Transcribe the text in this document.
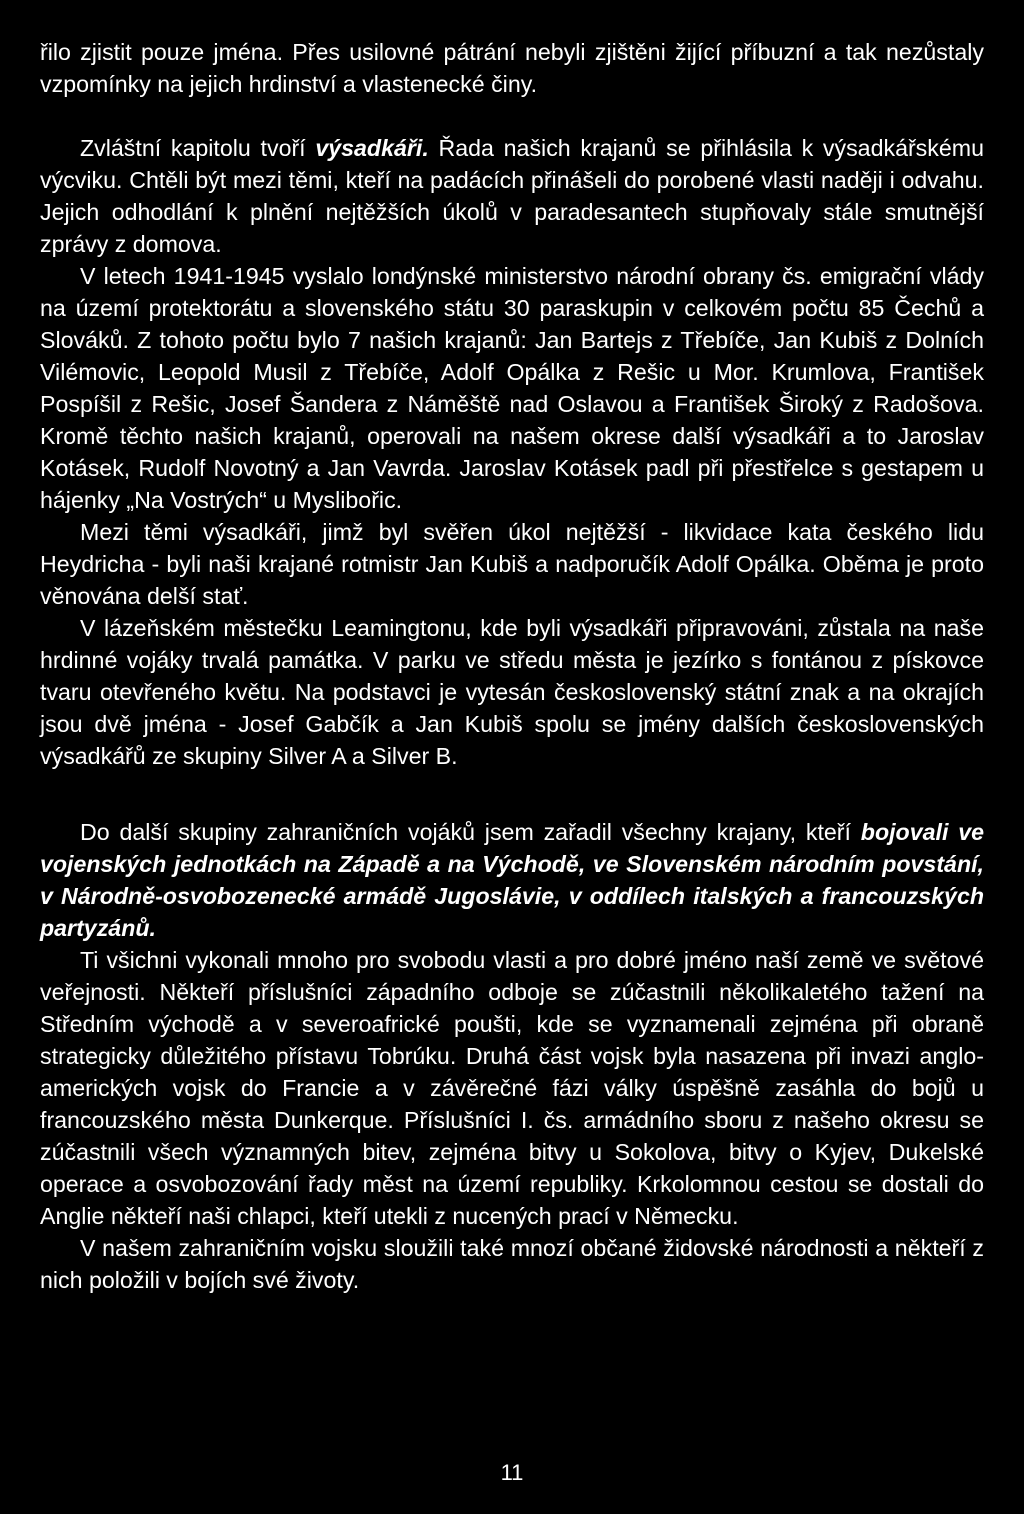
řilo zjistit pouze jména. Přes usilovné pátrání nebyli zjištěni žijící příbuzní a tak nezůstaly vzpomínky na jejich hrdinství a vlastenecké činy.

Zvláštní kapitolu tvoří výsadkáři. Řada našich krajanů se přihlásila k výsadkářskému výcviku. Chtěli být mezi těmi, kteří na padácích přinášeli do porobené vlasti naději i odvahu. Jejich odhodlání k plnění nejtěžších úkolů v paradesantech stupňovaly stále smutnější zprávy z domova.

V letech 1941-1945 vyslalo londýnské ministerstvo národní obrany čs. emigrační vlády na území protektorátu a slovenského státu 30 paraskupin v celkovém počtu 85 Čechů a Slováků. Z tohoto počtu bylo 7 našich krajanů: Jan Bartejs z Třebíče, Jan Kubiš z Dolních Vilémovic, Leopold Musil z Třebíče, Adolf Opálka z Rešic u Mor. Krumlova, František Pospíšil z Rešic, Josef Šandera z Náměště nad Oslavou a František Široký z Radošova. Kromě těchto našich krajanů, operovali na našem okrese další výsadkáři a to Jaroslav Kotásek, Rudolf Novotný a Jan Vavrda. Jaroslav Kotásek padl při přestřelce s gestapem u hájenky „Na Vostrých“ u Myslibořic.

Mezi těmi výsadkáři, jimž byl svěřen úkol nejtěžší - likvidace kata českého lidu Heydricha - byli naši krajané rotmistr Jan Kubiš a nadporučík Adolf Opálka. Oběma je proto věnována delší stať.

V lázeňském městečku Leamingtonu, kde byli výsadkáři připravováni, zůstala na naše hrdinné vojáky trvalá památka. V parku ve středu města je jezírko s fontánou z pískovce tvaru otevřeného květu. Na podstavci je vytesán československý státní znak a na okrajích jsou dvě jména - Josef Gabčík a Jan Kubiš spolu se jmény dalších československých výsadkářů ze skupiny Silver A a Silver B.

Do další skupiny zahraničních vojáků jsem zařadil všechny krajany, kteří bojovali ve vojenských jednotkách na Západě a na Východě, ve Slovenském národním povstání, v Národně-osvobozenecké armádě Jugoslávie, v oddílech italských a francouzských partyzánů.

Ti všichni vykonali mnoho pro svobodu vlasti a pro dobré jméno naší země ve světové veřejnosti. Někteří příslušníci západního odboje se zúčastnili několikaletého tažení na Středním východě a v severoafrické poušti, kde se vyznamenali zejména při obraně strategicky důležitého přístavu Tobrúku. Druhá část vojsk byla nasazena při invazi anglo-amerických vojsk do Francie a v závěrečné fázi války úspěšně zasáhla do bojů u francouzského města Dunkerque. Příslušníci I. čs. armádního sboru z našeho okresu se zúčastnili všech významných bitev, zejména bitvy u Sokolova, bitvy o Kyjev, Dukelské operace a osvobozování řady měst na území republiky. Krkolomnou cestou se dostali do Anglie někteří naši chlapci, kteří utekli z nucených prací v Německu.

V našem zahraničním vojsku sloužili také mnozí občané židovské národnosti a někteří z nich položili v bojích své životy.

11
